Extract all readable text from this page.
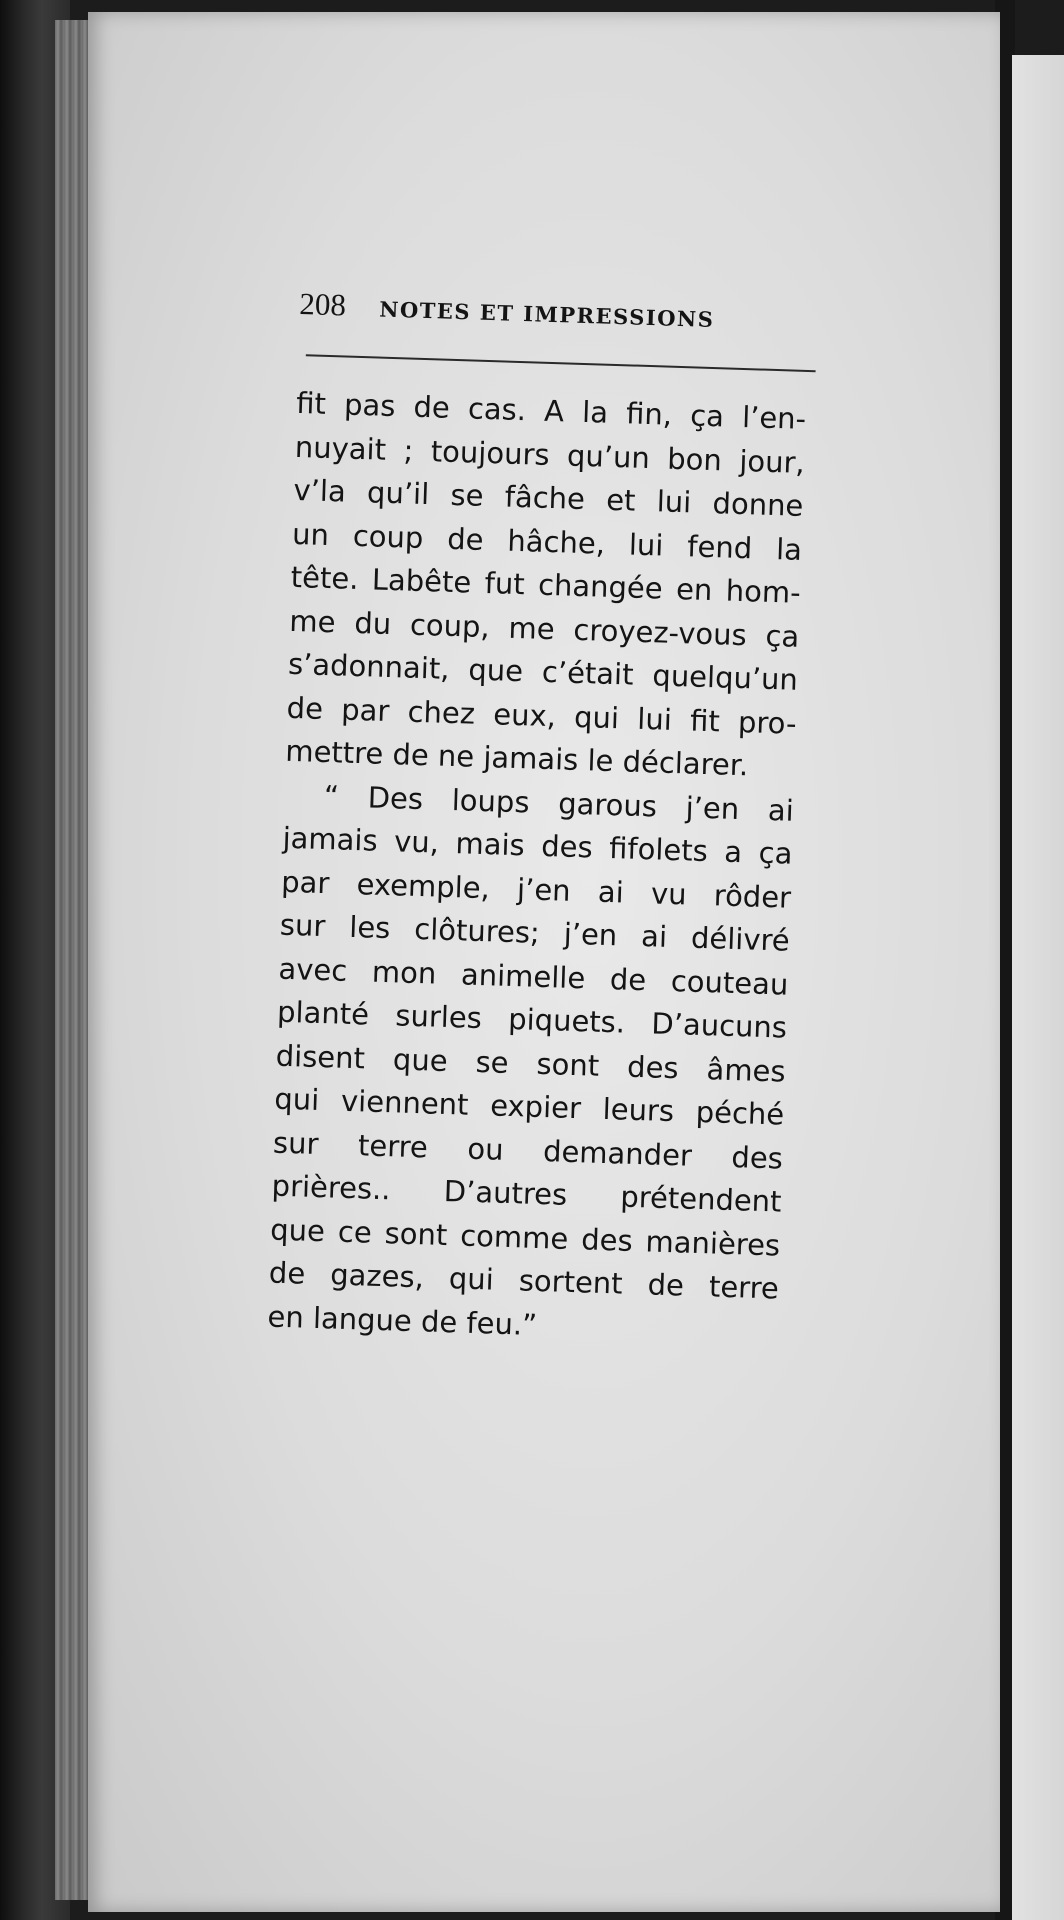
208	NOTES ET IMPRESSIONS
fit pas de cas. A la fin, ça l’en-
nuyait ; toujours qu’un bon jour,
v’la qu’il se fâche et lui donne
un coup de hâche, lui fend la
tête. Labête fut changée en hom-
me du coup, me croyez-vous ça
s’adonnait, que c’était quelqu’un
de par chez eux, qui lui fit pro-
mettre de ne jamais le déclarer.
“ Des loups garous j’en ai
jamais vu, mais des fifolets a ça
par exemple, j’en ai vu rôder
sur les clôtures; j’en ai délivré
avec mon animelle de couteau
planté surles piquets. D’aucuns
disent que se sont des âmes
qui viennent expier leurs péché
sur terre ou demander des
prières.. D’autres prétendent
que ce sont comme des manières
de gazes, qui sortent de terre
en langue de feu.”
